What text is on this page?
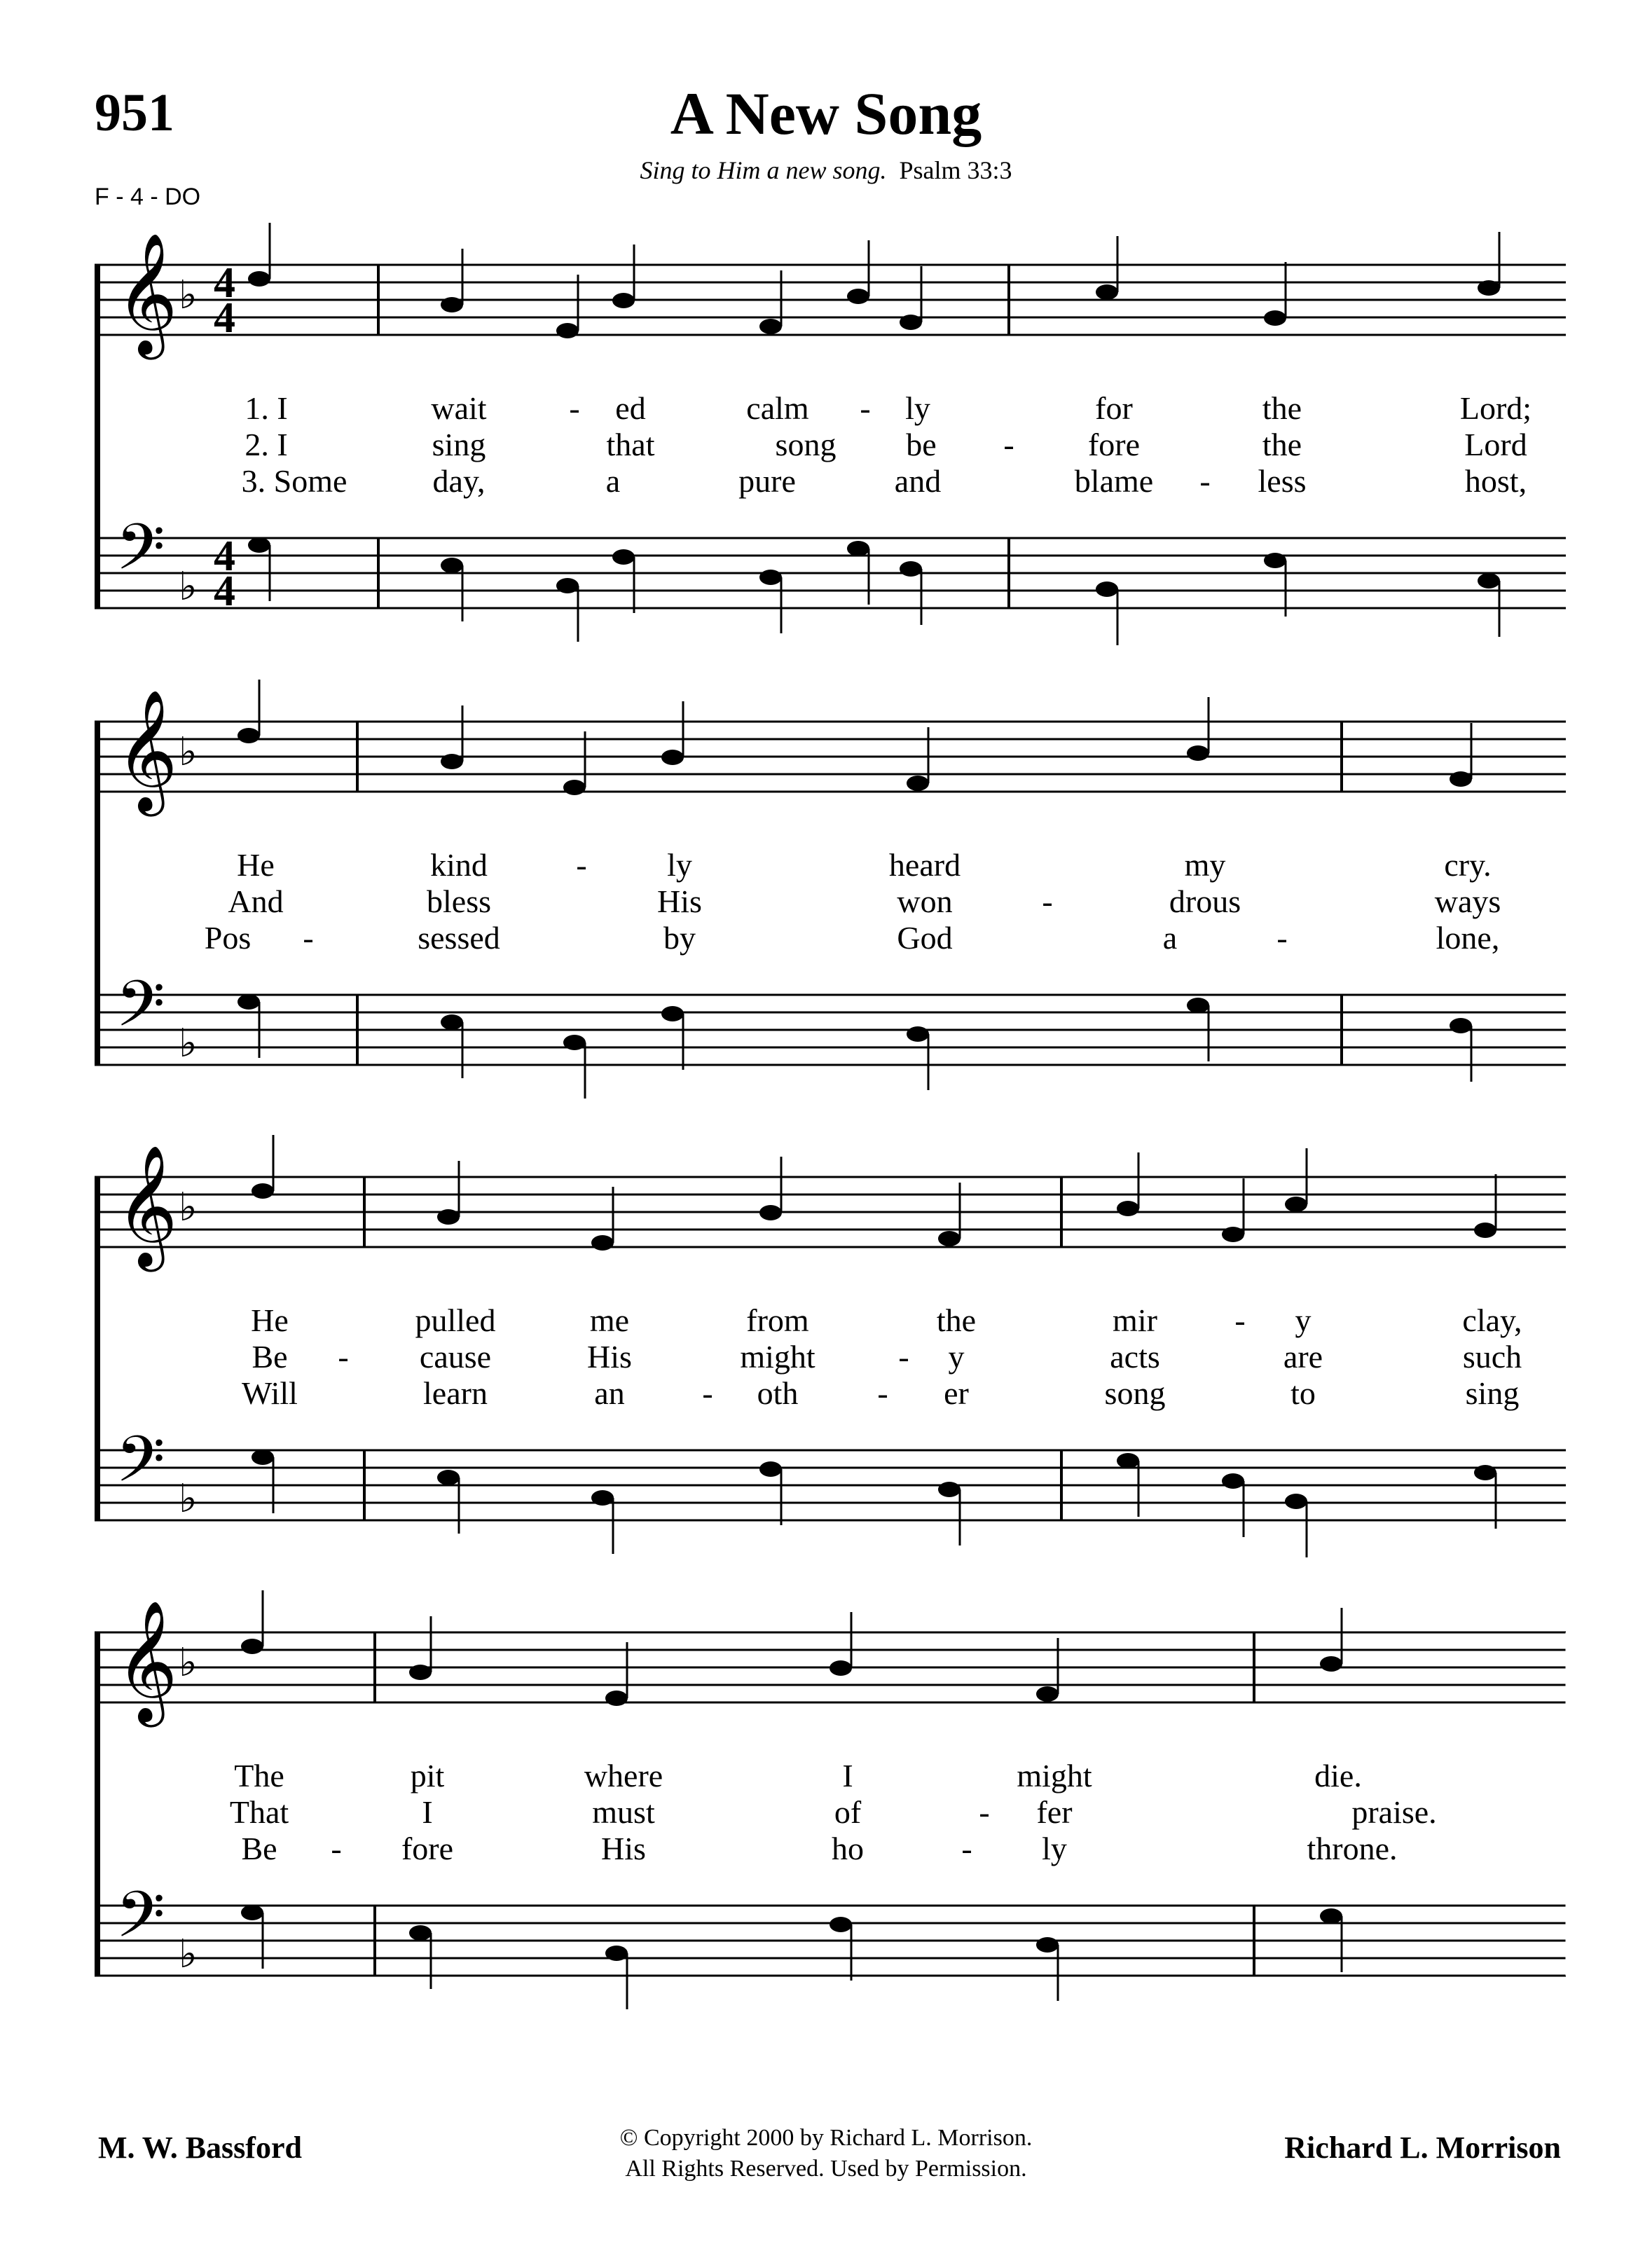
951	A New Song
Sing to Him a new song. Psalm 33:3
F - 4 - DO
𝄞 ♭ 4
4
𝄢 ♭
4
4
1. I	wait	- ed	calm - ly	for	the	Lord;
2. I	sing	that	song be - fore	the	Lord
3. Some	day,	a	pure	and	blame - less	host,
𝄞 ♭
𝄢 ♭
He	kind	- ly	heard	my	cry.
And	bless	His	won	-	drous	ways
Pos -	sessed	by	God	a	-	lone,
𝄞 ♭
𝄢 ♭
He	pulled	me	from	the	mir - y	clay,
Be - cause	His	might	- y	acts	are	such
Will	learn	an - oth - er	song	to	sing
𝄞 ♭
𝄢 ♭
The	pit	where	I	might	die.
That	I	must	of	- fer	praise.
Be - fore	His	ho	- ly	throne.
M. W. Bassford	© Copyright 2000 by Richard L. Morrison.
All Rights Reserved. Used by Permission.
Richard L. Morrison
